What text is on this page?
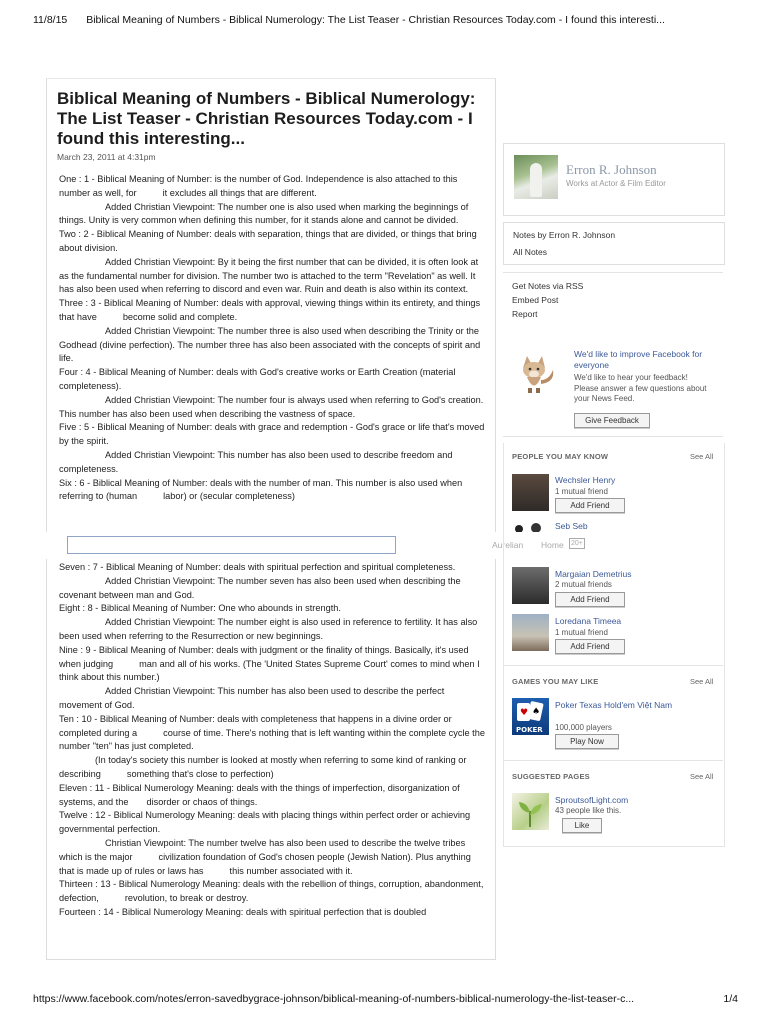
11/8/15 Biblical Meaning of Numbers - Biblical Numerology: The List Teaser - Christian Resources Today.com - I found this interesti...
Biblical Meaning of Numbers - Biblical Numerology: The List Teaser - Christian Resources Today.com - I found this interesting...
March 23, 2011 at 4:31pm

One : 1 - Biblical Meaning of Number: is the number of God. Independence is also attached to this number as well, for	it excludes all things that are different.

Added Christian Viewpoint: The number one is also used when marking the beginnings of things. Unity is very common when defining this number, for it stands alone and cannot be divided.

Two : 2 - Biblical Meaning of Number: deals with separation, things that are divided, or things that bring about division.

Added Christian Viewpoint: By it being the first number that can be divided, it is often look at as the fundamental number for division. The number two is attached to the term "Revelation" as well. It has also been used when referring to discord and even war. Ruin and death is also within its context.

Three : 3 - Biblical Meaning of Number: deals with approval, viewing things within its entirety, and things that have	become solid and complete.

Added Christian Viewpoint: The number three is also used when describing the Trinity or the Godhead (divine perfection). The number three has also been associated with the concepts of spirit and life.

Four : 4 - Biblical Meaning of Number: deals with God's creative works or Earth Creation (material completeness).

Added Christian Viewpoint: The number four is always used when referring to God's creation. This number has also been used when describing the vastness of space.

Five : 5 - Biblical Meaning of Number: deals with grace and redemption - God's grace or life that's moved by the spirit.

Added Christian Viewpoint: This number has also been used to describe freedom and completeness.

Six : 6 - Biblical Meaning of Number: deals with the number of man. This number is also used when referring to (human	labor) or (secular completeness)

Seven : 7 - Biblical Meaning of Number: deals with spiritual perfection and spiritual completeness.

Added Christian Viewpoint: The number seven has also been used when describing the covenant between man and God.

Eight : 8 - Biblical Meaning of Number: One who abounds in strength.

Added Christian Viewpoint: The number eight is also used in reference to fertility. It has also been used when referring to the Resurrection or new beginnings.

Nine : 9 - Biblical Meaning of Number: deals with judgment or the finality of things. Basically, it's used when judging	man and all of his works. (The 'United States Supreme Court' comes to mind when I think about this number.)

Added Christian Viewpoint: This number has also been used to describe the perfect movement of God.

Ten : 10 - Biblical Meaning of Number: deals with completeness that happens in a divine order or completed during a	course of time. There's nothing that is left wanting within the complete cycle the number "ten" has just completed.

(In today's society this number is looked at mostly when referring to some kind of ranking or describing	something that's close to perfection)

Eleven : 11 - Biblical Numerology Meaning: deals with the things of imperfection, disorganization of systems, and the disorder or chaos of things.

Twelve : 12 - Biblical Numerology Meaning: deals with placing things within perfect order or achieving governmental perfection.

Christian Viewpoint: The number twelve has also been used to describe the twelve tribes which is the major	civilization foundation of God's chosen people (Jewish Nation). Plus anything that is made up of rules or laws has	this number associated with it.

Thirteen : 13 - Biblical Numerology Meaning: deals with the rebellion of things, corruption, abandonment, defection,	revolution, to break or destroy.

Fourteen : 14 - Biblical Numerology Meaning: deals with spiritual perfection that is doubled

Erron R. Johnson
Works at Actor & Film Editor
Notes by Erron R. Johnson
All Notes
Get Notes via RSS
Embed Post
Report
We'd like to improve Facebook for everyone
We'd like to hear your feedback! Please answer a few questions about your News Feed.
Give Feedback
PEOPLE YOU MAY KNOW	See All
Wechsler Henry
1 mutual friend
Add Friend
Seb Seb
Aurelian Home 20+
Margaian Demetrius
2 mutual friends
Add Friend
Loredana Timeea
1 mutual friend
Add Friend
GAMES YOU MAY LIKE	See All
♥ ♠
POKER
Poker Texas Hold'em Việt Nam
100,000 players
Play Now
SUGGESTED PAGES	See All
SproutsofLight.com
43 people like this.
Like
https://www.facebook.com/notes/erron-savedbygrace-johnson/biblical-meaning-of-numbers-biblical-numerology-the-list-teaser-c...	1/4
